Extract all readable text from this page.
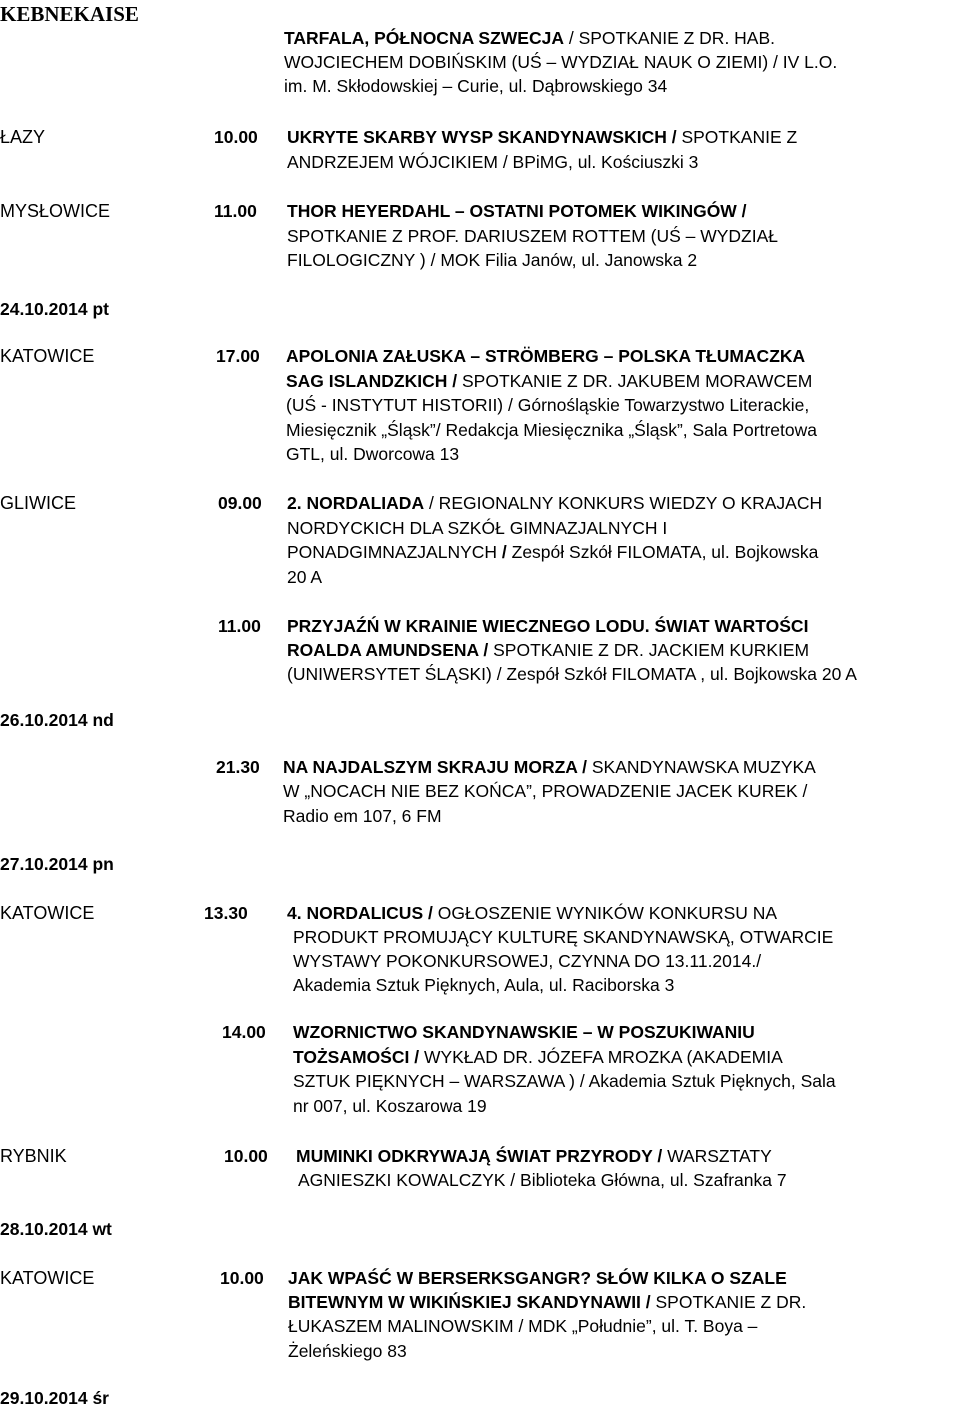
KEBNEKAISE
TARFALA, PÓŁNOCNA SZWECJA / SPOTKANIE Z DR. HAB.
WOJCIECHEM DOBIŃSKIM (UŚ – WYDZIAŁ NAUK O ZIEMI) / IV L.O.
im. M. Skłodowskiej – Curie, ul. Dąbrowskiego 34
ŁAZY	10.00 UKRYTE SKARBY WYSP SKANDYNAWSKICH / SPOTKANIE Z
ANDRZEJEM WÓJCIKIEM / BPiMG, ul. Kościuszki 3
MYSŁOWICE	11.00 THOR HEYERDAHL – OSTATNI POTOMEK WIKINGÓW /
SPOTKANIE Z PROF. DARIUSZEM ROTTEM (UŚ – WYDZIAŁ
FILOLOGICZNY ) / MOK Filia Janów, ul. Janowska 2
24.10.2014 pt
KATOWICE	17.00 APOLONIA ZAŁUSKA – STRÖMBERG – POLSKA TŁUMACZKA
SAG ISLANDZKICH / SPOTKANIE Z DR. JAKUBEM MORAWCEM
(UŚ - INSTYTUT HISTORII) / Górnośląskie Towarzystwo Literackie,
Miesięcznik „Śląsk”/ Redakcja Miesięcznika „Śląsk”, Sala Portretowa
GTL, ul. Dworcowa 13
GLIWICE	09.00 2. NORDALIADA / REGIONALNY KONKURS WIEDZY O KRAJACH
NORDYCKICH DLA SZKÓŁ GIMNAZJALNYCH I
PONADGIMNAZJALNYCH / Zespół Szkół FILOMATA, ul. Bojkowska
20 A
11.00 PRZYJAŹŃ W KRAINIE WIECZNEGO LODU. ŚWIAT WARTOŚCI
ROALDA AMUNDSENA / SPOTKANIE Z DR. JACKIEM KURKIEM
(UNIWERSYTET ŚLĄSKI) / Zespół Szkół FILOMATA , ul. Bojkowska 20 A
26.10.2014 nd
21.30 NA NAJDALSZYM SKRAJU MORZA / SKANDYNAWSKA MUZYKA
W „NOCACH NIE BEZ KOŃCA”, PROWADZENIE JACEK KUREK /
Radio em 107, 6 FM
27.10.2014 pn
KATOWICE	13.30 4. NORDALICUS / OGŁOSZENIE WYNIKÓW KONKURSU NA
PRODUKT PROMUJĄCY KULTURĘ SKANDYNAWSKĄ, OTWARCIE
WYSTAWY POKONKURSOWEJ, CZYNNA DO 13.11.2014./
Akademia Sztuk Pięknych, Aula, ul. Raciborska 3
14.00 WZORNICTWO SKANDYNAWSKIE – W POSZUKIWANIU
TOŻSAMOŚCI / WYKŁAD DR. JÓZEFA MROZKA (AKADEMIA
SZTUK PIĘKNYCH – WARSZAWA ) / Akademia Sztuk Pięknych, Sala
nr 007, ul. Koszarowa 19
RYBNIK	10.00 MUMINKI ODKRYWAJĄ ŚWIAT PRZYRODY / WARSZTATY
AGNIESZKI KOWALCZYK / Biblioteka Główna, ul. Szafranka 7
28.10.2014 wt
KATOWICE	10.00 JAK WPAŚĆ W BERSERKSGANGR? SŁÓW KILKA O SZALE
BITEWNYM W WIKIŃSKIEJ SKANDYNAWII / SPOTKANIE Z DR.
ŁUKASZEM MALINOWSKIM / MDK „Południe”, ul. T. Boya –
Żeleńskiego 83
29.10.2014 śr
